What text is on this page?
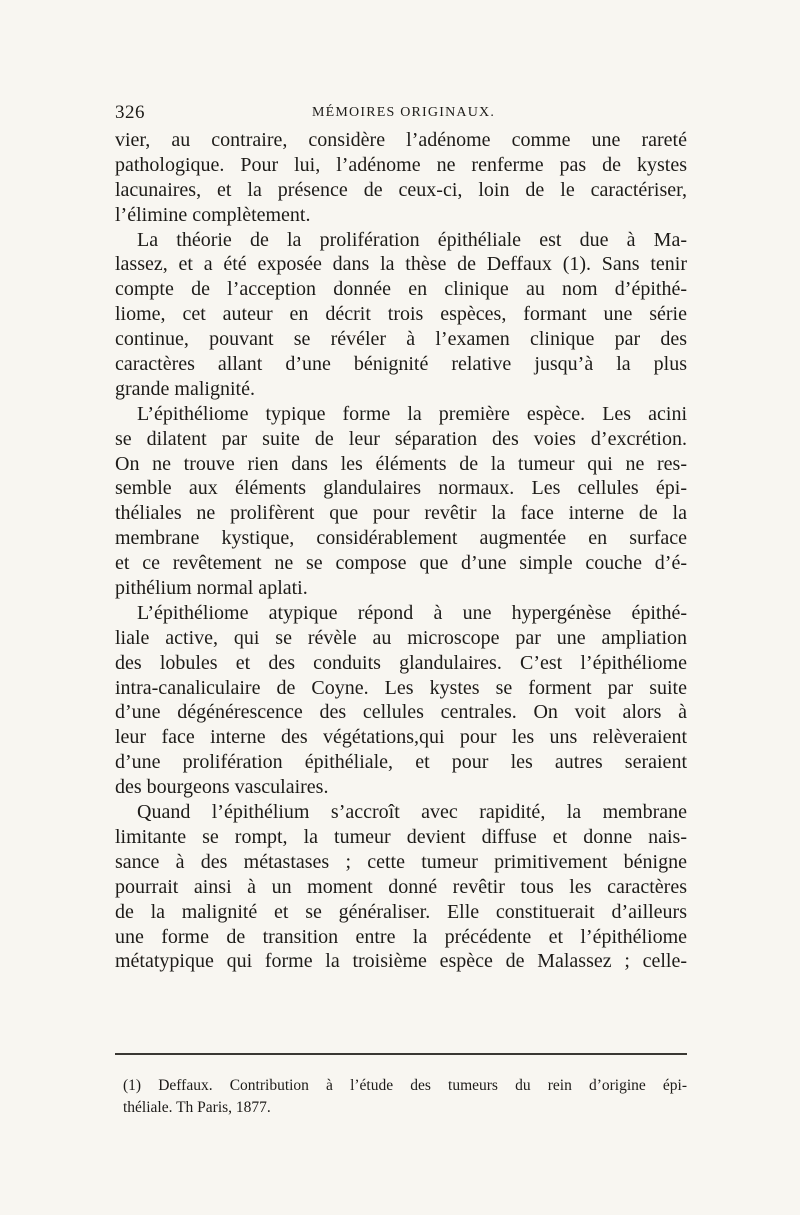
326	MÉMOIRES ORIGINAUX.
vier, au contraire, considère l’adénome comme une rareté
pathologique. Pour lui, l’adénome ne renferme pas de kystes
lacunaires, et la présence de ceux-ci, loin de le caractériser,
l’élimine complètement.
La théorie de la prolifération épithéliale est due à Ma-
lassez, et a été exposée dans la thèse de Deffaux (1). Sans tenir
compte de l’acception donnée en clinique au nom d’épithé-
liome, cet auteur en décrit trois espèces, formant une série
continue, pouvant se révéler à l’examen clinique par des
caractères allant d’une bénignité relative jusqu’à la plus
grande malignité.
L’épithéliome typique forme la première espèce. Les acini
se dilatent par suite de leur séparation des voies d’excrétion.
On ne trouve rien dans les éléments de la tumeur qui ne res-
semble aux éléments glandulaires normaux. Les cellules épi-
théliales ne prolifèrent que pour revêtir la face interne de la
membrane kystique, considérablement augmentée en surface
et ce revêtement ne se compose que d’une simple couche d’é-
pithélium normal aplati.
L’épithéliome atypique répond à une hypergénèse épithé-
liale active, qui se révèle au microscope par une ampliation
des lobules et des conduits glandulaires. C’est l’épithéliome
intra-canaliculaire de Coyne. Les kystes se forment par suite
d’une dégénérescence des cellules centrales. On voit alors à
leur face interne des végétations,qui pour les uns relèveraient
d’une prolifération épithéliale, et pour les autres seraient
des bourgeons vasculaires.
Quand l’épithélium s’accroît avec rapidité, la membrane
limitante se rompt, la tumeur devient diffuse et donne nais-
sance à des métastases ; cette tumeur primitivement bénigne
pourrait ainsi à un moment donné revêtir tous les caractères
de la malignité et se généraliser. Elle constituerait d’ailleurs
une forme de transition entre la précédente et l’épithéliome
métatypique qui forme la troisième espèce de Malassez ; celle-
(1) Deffaux. Contribution à l’étude des tumeurs du rein d’origine épi-
théliale. Th Paris, 1877.
